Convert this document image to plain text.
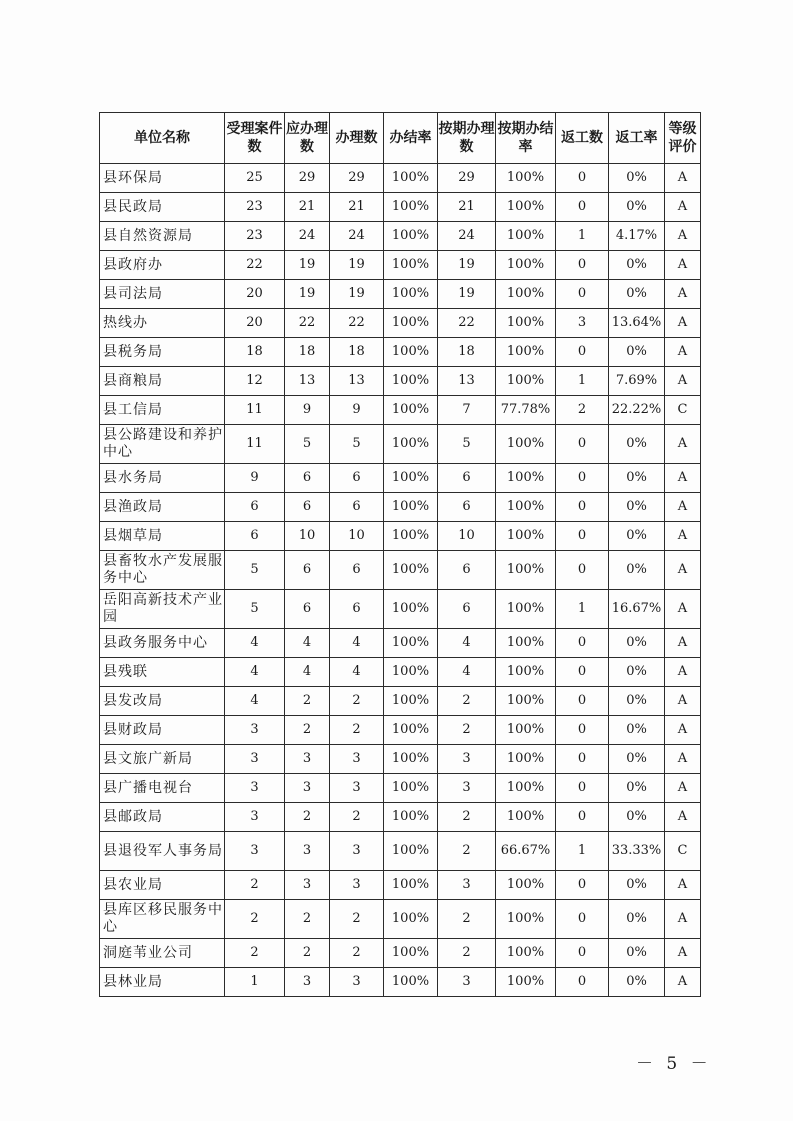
单位名称	受理案件数	应办理数	办理数	办结率	按期办理数	按期办结率	返工数	返工率	等级评价
县环保局	25	29	29	100%	29	100%	0	0%	A
县民政局	23	21	21	100%	21	100%	0	0%	A
县自然资源局	23	24	24	100%	24	100%	1	4.17%	A
县政府办	22	19	19	100%	19	100%	0	0%	A
县司法局	20	19	19	100%	19	100%	0	0%	A
热线办	20	22	22	100%	22	100%	3	13.64%	A
县税务局	18	18	18	100%	18	100%	0	0%	A
县商粮局	12	13	13	100%	13	100%	1	7.69%	A
县工信局	11	9	9	100%	7	77.78%	2	22.22%	C
县公路建设和养护中心	11	5	5	100%	5	100%	0	0%	A
县水务局	9	6	6	100%	6	100%	0	0%	A
县渔政局	6	6	6	100%	6	100%	0	0%	A
县烟草局	6	10	10	100%	10	100%	0	0%	A
县畜牧水产发展服务中心	5	6	6	100%	6	100%	0	0%	A
岳阳高新技术产业园	5	6	6	100%	6	100%	1	16.67%	A
县政务服务中心	4	4	4	100%	4	100%	0	0%	A
县残联	4	4	4	100%	4	100%	0	0%	A
县发改局	4	2	2	100%	2	100%	0	0%	A
县财政局	3	2	2	100%	2	100%	0	0%	A
县文旅广新局	3	3	3	100%	3	100%	0	0%	A
县广播电视台	3	3	3	100%	3	100%	0	0%	A
县邮政局	3	2	2	100%	2	100%	0	0%	A
县退役军人事务局	3	3	3	100%	2	66.67%	1	33.33%	C
县农业局	2	3	3	100%	3	100%	0	0%	A
县库区移民服务中心	2	2	2	100%	2	100%	0	0%	A
洞庭苇业公司	2	2	2	100%	2	100%	0	0%	A
县林业局	1	3	3	100%	3	100%	0	0%	A
－ 5 －
